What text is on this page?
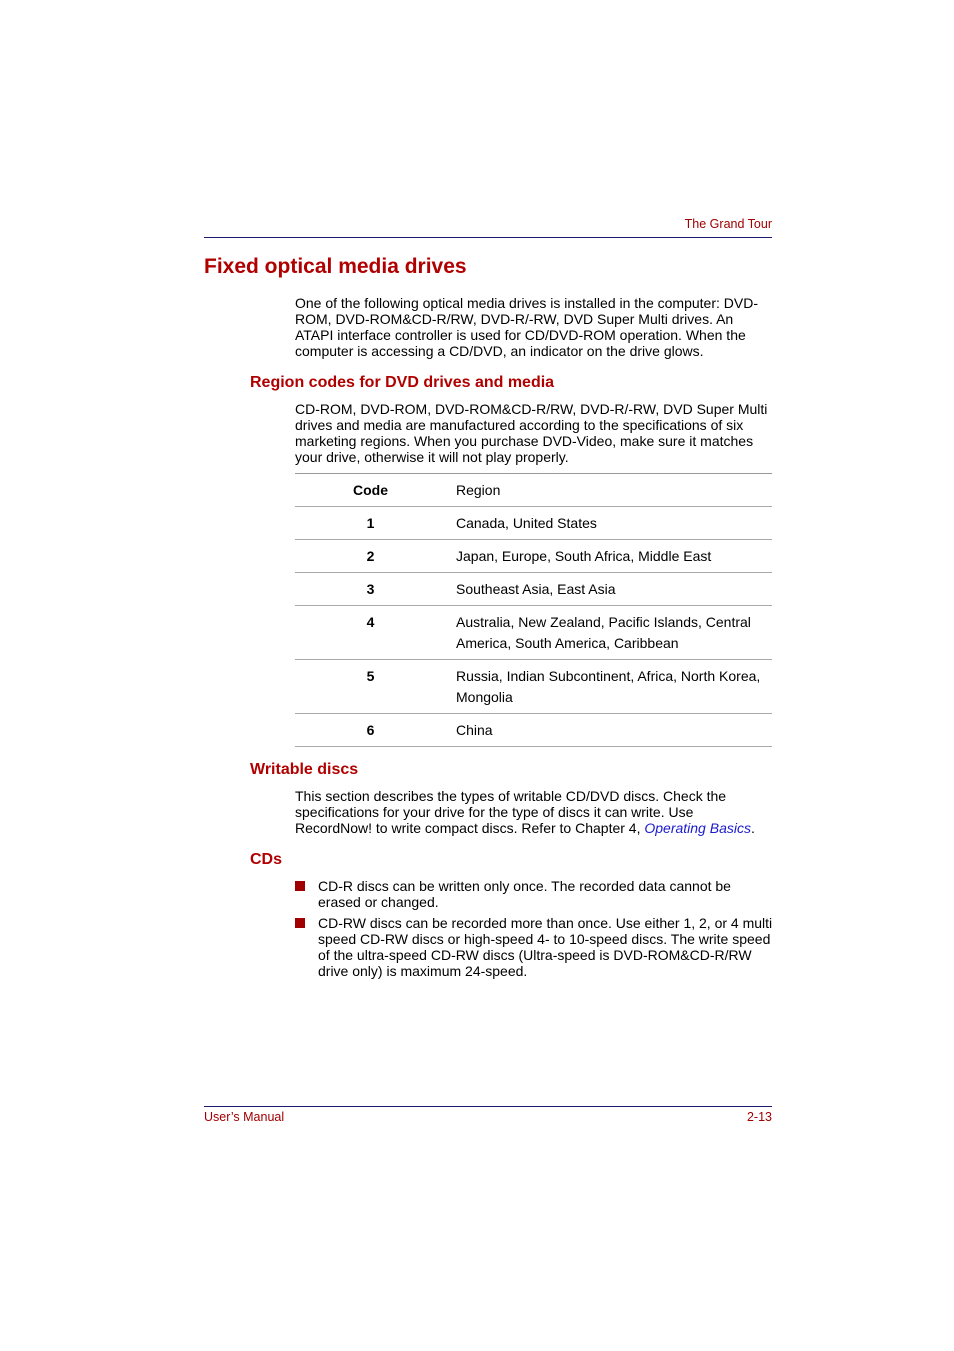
The Grand Tour
Fixed optical media drives

One of the following optical media drives is installed in the computer: DVD-ROM, DVD-ROM&CD-R/RW, DVD-R/-RW, DVD Super Multi drives. An ATAPI interface controller is used for CD/DVD-ROM operation. When the computer is accessing a CD/DVD, an indicator on the drive glows.

Region codes for DVD drives and media

CD-ROM, DVD-ROM, DVD-ROM&CD-R/RW, DVD-R/-RW, DVD Super Multi drives and media are manufactured according to the specifications of six marketing regions. When you purchase DVD-Video, make sure it matches your drive, otherwise it will not play properly.

Code	Region
1	Canada, United States
2	Japan, Europe, South Africa, Middle East
3	Southeast Asia, East Asia
4	Australia, New Zealand, Pacific Islands, Central America, South America, Caribbean
5	Russia, Indian Subcontinent, Africa, North Korea, Mongolia
6	China
Writable discs

This section describes the types of writable CD/DVD discs. Check the specifications for your drive for the type of discs it can write. Use RecordNow! to write compact discs. Refer to Chapter 4, Operating Basics.

CDs
CD-R discs can be written only once. The recorded data cannot be erased or changed.
CD-RW discs can be recorded more than once. Use either 1, 2, or 4 multi speed CD-RW discs or high-speed 4- to 10-speed discs. The write speed of the ultra-speed CD-RW discs (Ultra-speed is DVD-ROM&CD-R/RW drive only) is maximum 24-speed.
User’s Manual	2-13
